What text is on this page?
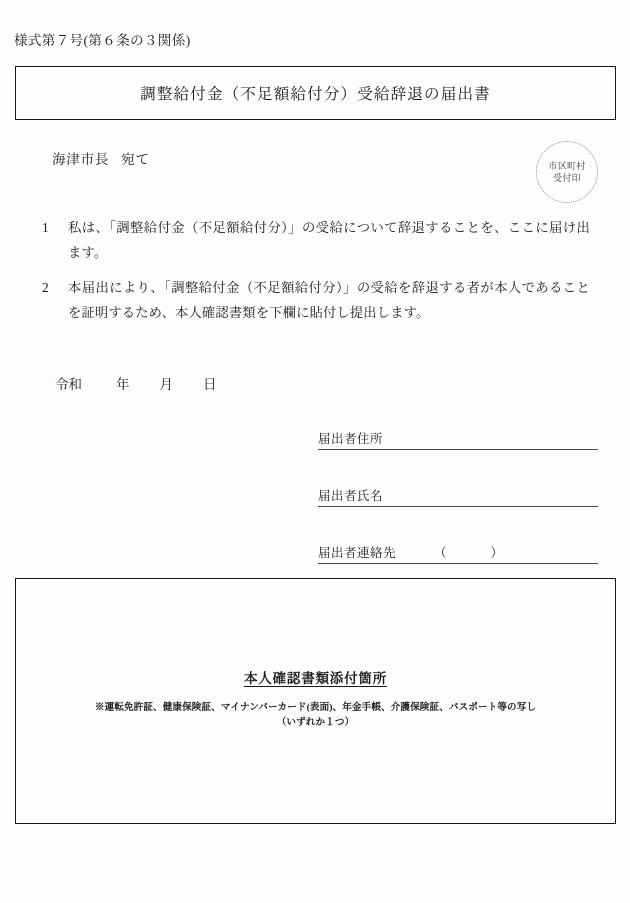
様式第７号(第６条の３関係)
調整給付金（不足額給付分）受給辞退の届出書
海津市長 宛て	市区町村
受付印
1	私は、「調整給付金（不足額給付分）」の受給について辞退することを、ここに届け出ます。
2	本届出により、「調整給付金（不足額給付分）」の受給を辞退する者が本人であることを証明するため、本人確認書類を下欄に貼付し提出します。
令和	年 月 日
届出者住所
届出者氏名
届出者連絡先	（	）
本人確認書類添付箇所
※運転免許証、健康保険証、マイナンバーカード(表面)、年金手帳、介護保険証、パスポート等の写し
（いずれか１つ）
